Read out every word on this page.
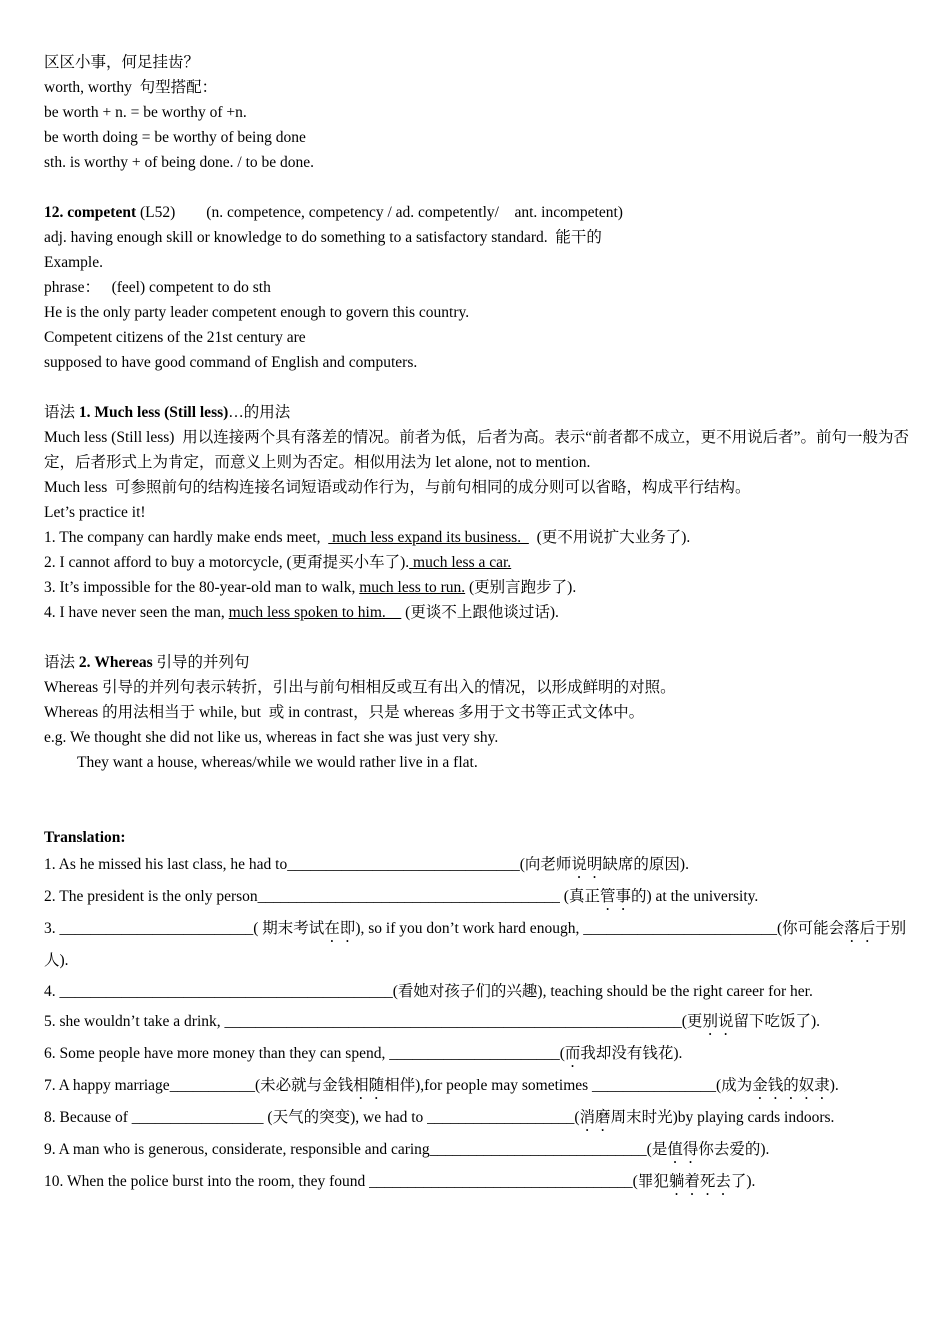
区区小事，何足挂齿？
worth, worthy  句型搭配：
be worth + n. = be worthy of +n.
be worth doing = be worthy of being done
sth. is worthy + of being done. / to be done.
12. competent (L52)        (n. competence, competency / ad. competently/    ant. incompetent)
adj. having enough skill or knowledge to do something to a satisfactory standard.  能干的
Example.
phrase：   (feel) competent to do sth
He is the only party leader competent enough to govern this country.
Competent citizens of the 21st century are
supposed to have good command of English and computers.
语法 1. Much less (Still less)…的用法
Much less (Still less)  用以连接两个具有落差的情况。前者为低，后者为高。表示“前者都不成立，更不用说后者”。前句一般为否定，后者形式上为肯定，而意义上则为否定。相似用法为 let alone, not to mention.
Much less  可参照前句的结构连接名词短语或动作行为，与前句相同的成分则可以省略，构成平行结构。
Let’s practice it!
1. The company can hardly make ends meet,   much less expand its business.    (更不用说扩大业务了).
2. I cannot afford to buy a motorcycle, (更甭提买小车了). much less a car.
3. It’s impossible for the 80-year-old man to walk, much less to run. (更别言跑步了).
4. I have never seen the man, much less spoken to him.     (更谈不上跟他谈过话).
语法 2. Whereas 引导的并列句
Whereas 引导的并列句表示转折，引出与前句相相反或互有出入的情况，以形成鲜明的对照。
Whereas 的用法相当于 while, but  或 in contrast，只是 whereas 多用于文书等正式文体中。
e.g. We thought she did not like us, whereas in fact she was just very shy.
They want a house, whereas/while we would rather live in a flat.
Translation:
1. As he missed his last class, he had to______________________________(向老师说明缺席的原因).
2. The president is the only person_______________________________________ (真正管事的) at the university.
3. _________________________( 期末考试在即), so if you don’t work hard enough, _________________________(你可能会落后于别人).
4. ___________________________________________(看她对孩子们的兴趣), teaching should be the right career for her.
5. she wouldn’t take a drink, ___________________________________________________________(更别说留下吃饭了).
6. Some people have more money than they can spend, ______________________(而我却没有钱花).
7. A happy marriage___________(未必就与金钱相随相伴),for people may sometimes ________________(成为金钱的奴隶).
8. Because of _________________ (天气的突变), we had to ___________________(消磨周末时光)by playing cards indoors.
9. A man who is generous, considerate, responsible and caring____________________________(是值得你去爱的).
10. When the police burst into the room, they found __________________________________(罪犯躺着死去了).
